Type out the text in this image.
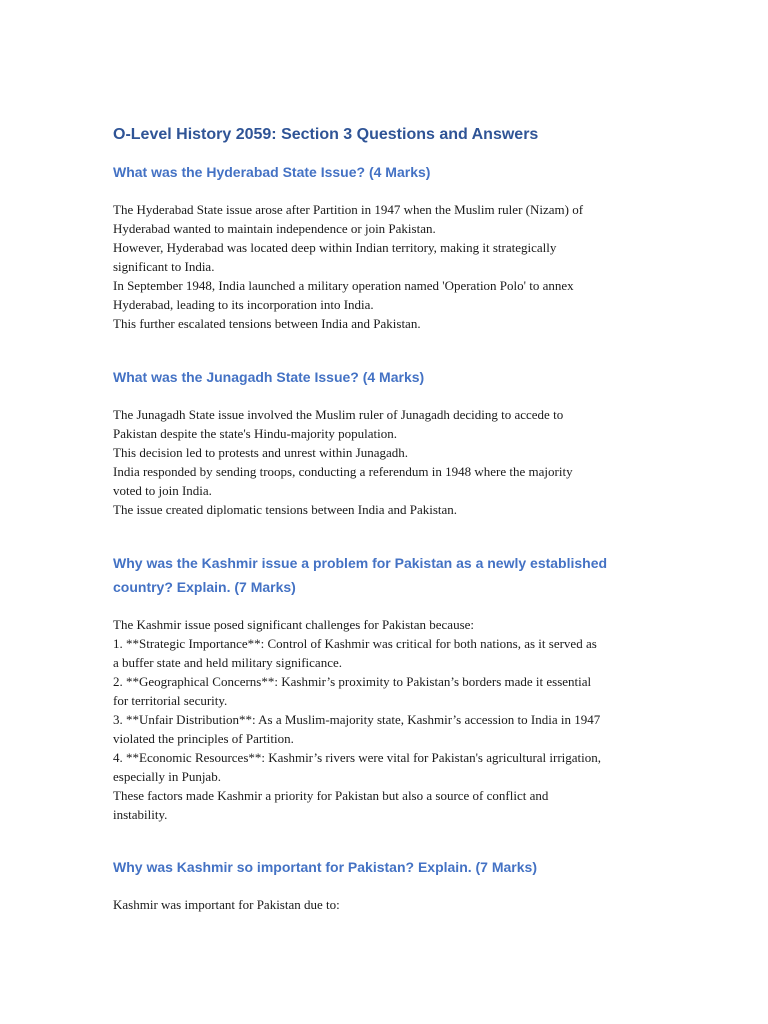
O-Level History 2059: Section 3 Questions and Answers
What was the Hyderabad State Issue? (4 Marks)

The Hyderabad State issue arose after Partition in 1947 when the Muslim ruler (Nizam) of
Hyderabad wanted to maintain independence or join Pakistan.
However, Hyderabad was located deep within Indian territory, making it strategically
significant to India.
In September 1948, India launched a military operation named 'Operation Polo' to annex
Hyderabad, leading to its incorporation into India.
This further escalated tensions between India and Pakistan.

What was the Junagadh State Issue? (4 Marks)

The Junagadh State issue involved the Muslim ruler of Junagadh deciding to accede to
Pakistan despite the state's Hindu-majority population.
This decision led to protests and unrest within Junagadh.
India responded by sending troops, conducting a referendum in 1948 where the majority
voted to join India.
The issue created diplomatic tensions between India and Pakistan.

Why was the Kashmir issue a problem for Pakistan as a newly established
country? Explain. (7 Marks)

The Kashmir issue posed significant challenges for Pakistan because:
1. **Strategic Importance**: Control of Kashmir was critical for both nations, as it served as
a buffer state and held military significance.
2. **Geographical Concerns**: Kashmir’s proximity to Pakistan’s borders made it essential
for territorial security.
3. **Unfair Distribution**: As a Muslim-majority state, Kashmir’s accession to India in 1947
violated the principles of Partition.
4. **Economic Resources**: Kashmir’s rivers were vital for Pakistan's agricultural irrigation,
especially in Punjab.
These factors made Kashmir a priority for Pakistan but also a source of conflict and
instability.

Why was Kashmir so important for Pakistan? Explain. (7 Marks)

Kashmir was important for Pakistan due to:
